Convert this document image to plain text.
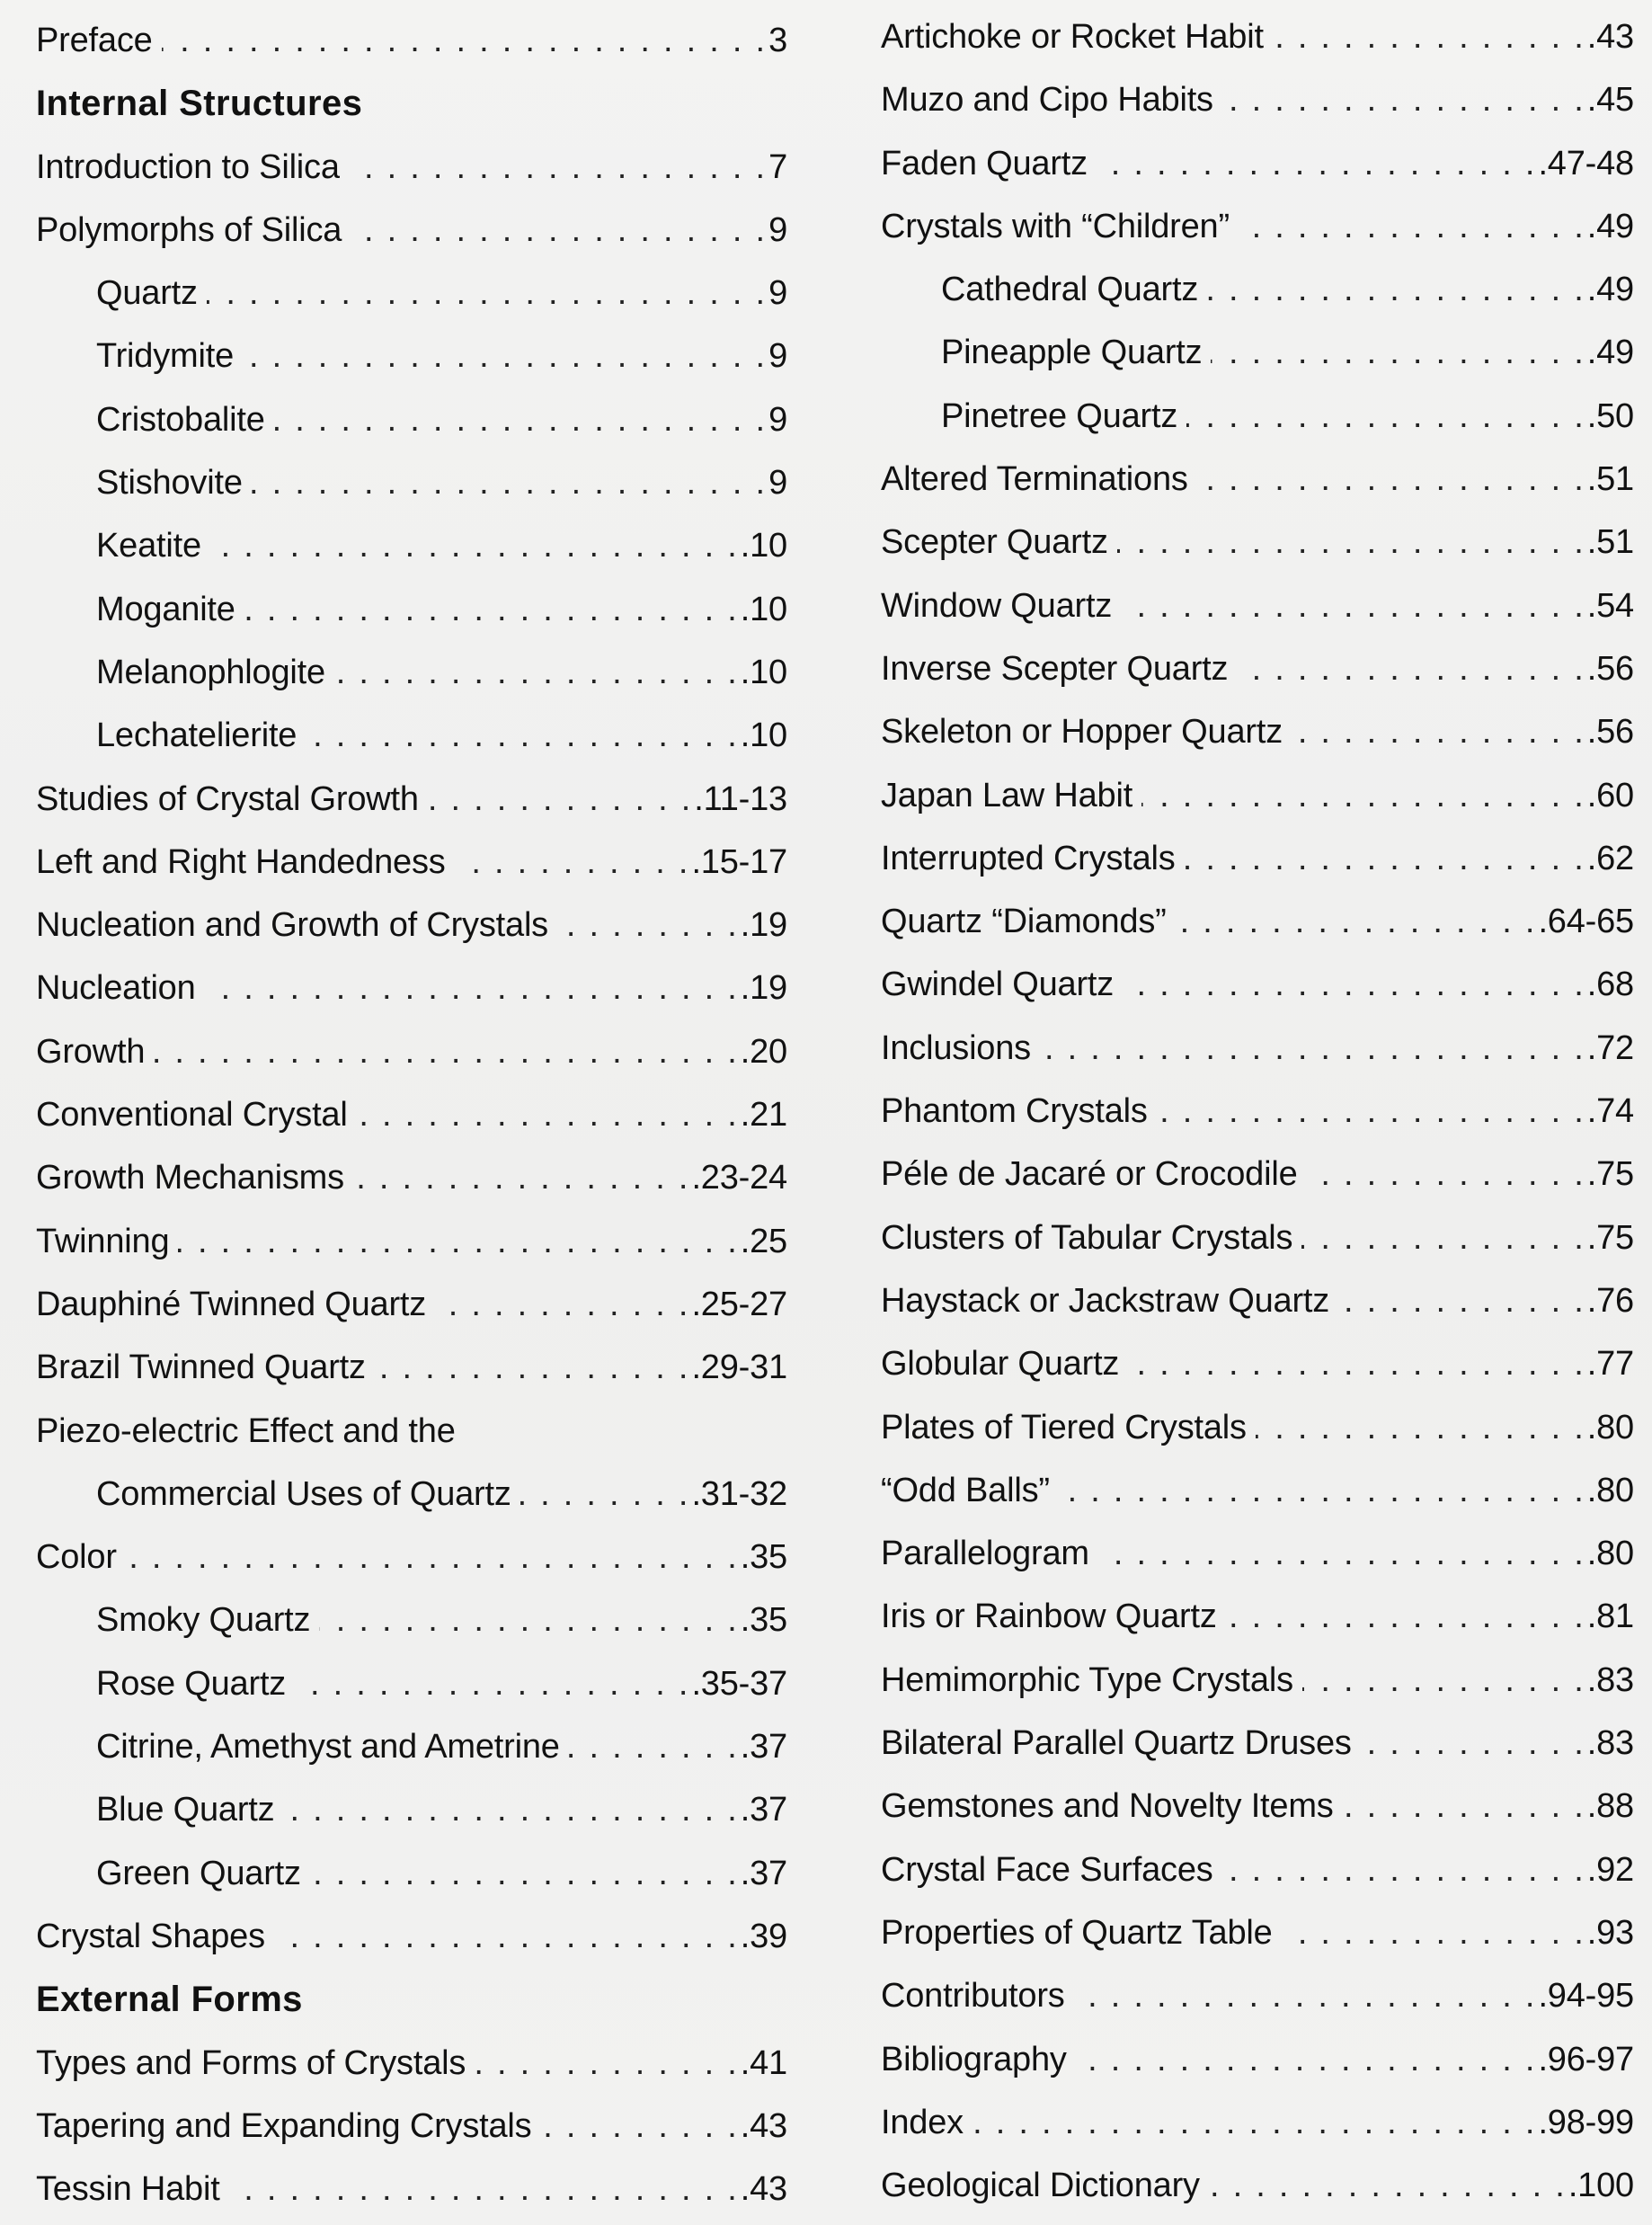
Preface . . .	3
Internal Structures
Introduction to Silica . . .	7
Polymorphs of Silica . . .	9
Quartz . . .	9
Tridymite . . .	9
Cristobalite . . .	9
Stishovite . . .	9
Keatite . . .	.10
Moganite . . .	.10
Melanophlogite . . .	.10
Lechatelierite . . .	.10
Studies of Crystal Growth . . .	.11-13
Left and Right Handedness . . .	.15-17
Nucleation and Growth of Crystals . . .	.19
Nucleation . . .	.19
Growth . . .	.20
Conventional Crystal . . .	.21
Growth Mechanisms . . .	.23-24
Twinning . . .	.25
Dauphiné Twinned Quartz . . .	.25-27
Brazil Twinned Quartz . . .	.29-31
Piezo-electric Effect and the
Commercial Uses of Quartz . . .	.31-32
Color . . .	.35
Smoky Quartz . . .	.35
Rose Quartz . . .	.35-37
Citrine, Amethyst and Ametrine . . .	.37
Blue Quartz . . .	.37
Green Quartz . . .	.37
Crystal Shapes . . .	.39
External Forms
Types and Forms of Crystals . . .	.41
Tapering and Expanding Crystals . . .	.43
Tessin Habit . . .	.43
Artichoke or Rocket Habit . . .	.43
Muzo and Cipo Habits . . .	.45
Faden Quartz . . .	.47-48
Crystals with “Children” . . .	.49
Cathedral Quartz . . .	.49
Pineapple Quartz . . .	.49
Pinetree Quartz . . .	.50
Altered Terminations . . .	.51
Scepter Quartz . . .	.51
Window Quartz . . .	.54
Inverse Scepter Quartz . . .	.56
Skeleton or Hopper Quartz . . .	.56
Japan Law Habit . . .	.60
Interrupted Crystals . . .	.62
Quartz “Diamonds” . . .	.64-65
Gwindel Quartz . . .	.68
Inclusions . . .	.72
Phantom Crystals . . .	.74
Péle de Jacaré or Crocodile . . .	.75
Clusters of Tabular Crystals . . .	.75
Haystack or Jackstraw Quartz . . .	.76
Globular Quartz . . .	.77
Plates of Tiered Crystals . . .	.80
“Odd Balls” . . .	.80
Parallelogram . . .	.80
Iris or Rainbow Quartz . . .	.81
Hemimorphic Type Crystals . . .	.83
Bilateral Parallel Quartz Druses . . .	.83
Gemstones and Novelty Items . . .	.88
Crystal Face Surfaces . . .	.92
Properties of Quartz Table . . .	.93
Contributors . . .	.94-95
Bibliography . . .	.96-97
Index . . .	.98-99
Geological Dictionary . . .	.100
